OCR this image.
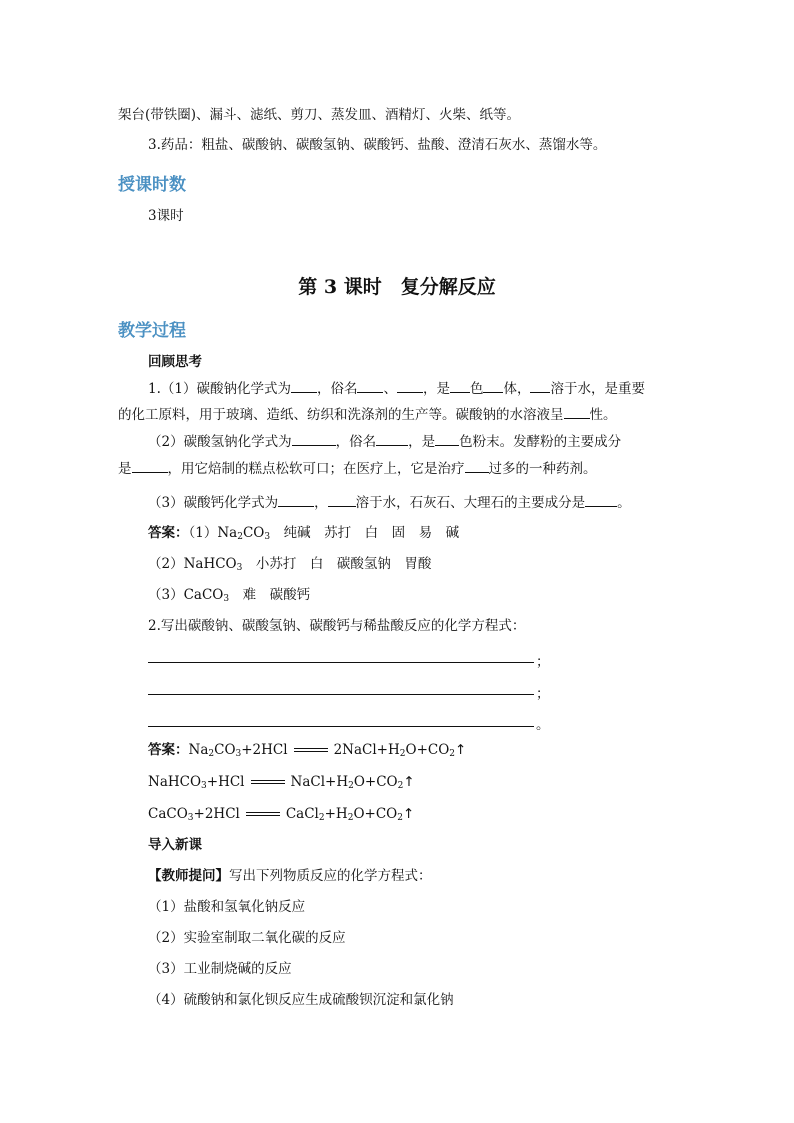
架台(带铁圈)、漏斗、滤纸、剪刀、蒸发皿、酒精灯、火柴、纸等。
3.药品：粗盐、碳酸钠、碳酸氢钠、碳酸钙、盐酸、澄清石灰水、蒸馏水等。
授课时数
3课时
第 3 课时　复分解反应
教学过程
回顾思考
1.（1）碳酸钠化学式为 ，俗名 、 ，是 色 体， 溶于水，是重要
的化工原料，用于玻璃、造纸、纺织和洗涤剂的生产等。碳酸钠的水溶液呈 性。
（2）碳酸氢钠化学式为	，俗名 ，是 色粉末。发酵粉的主要成分
是	，用它焙制的糕点松软可口；在医疗上，它是治疗 过多的一种药剂。
（3）碳酸钙化学式为	， 溶于水，石灰石、大理石的主要成分是 。
答案：$(1)Na_2CO_3$　 纯碱　苏打　白　固　易　碱
（2）NaHCO$_3$　 小苏打　白　碳酸氢钠　胃酸
（3）CaCO$_3$　 难　碳酸钙
2.写出碳酸钠、碳酸氢钠、碳酸钙与稀盐酸反应的化学方程式：
；
；
。
答案：$Na_2CO_3+2HCl$	$2NaCl+H_2O+CO_2↑$
NaHCO$_3$+HCl	$NaCl+H_2O+CO_2↑$
CaCO$_3$+2HCl	$CaCl_2+H_2O+CO_2↑$
导入新课
【教师提问】写出下列物质反应的化学方程式：
（1）盐酸和氢氧化钠反应
（2）实验室制取二氧化碳的反应
（3）工业制烧碱的反应
（4）硫酸钠和氯化钡反应生成硫酸钡沉淀和氯化钠
